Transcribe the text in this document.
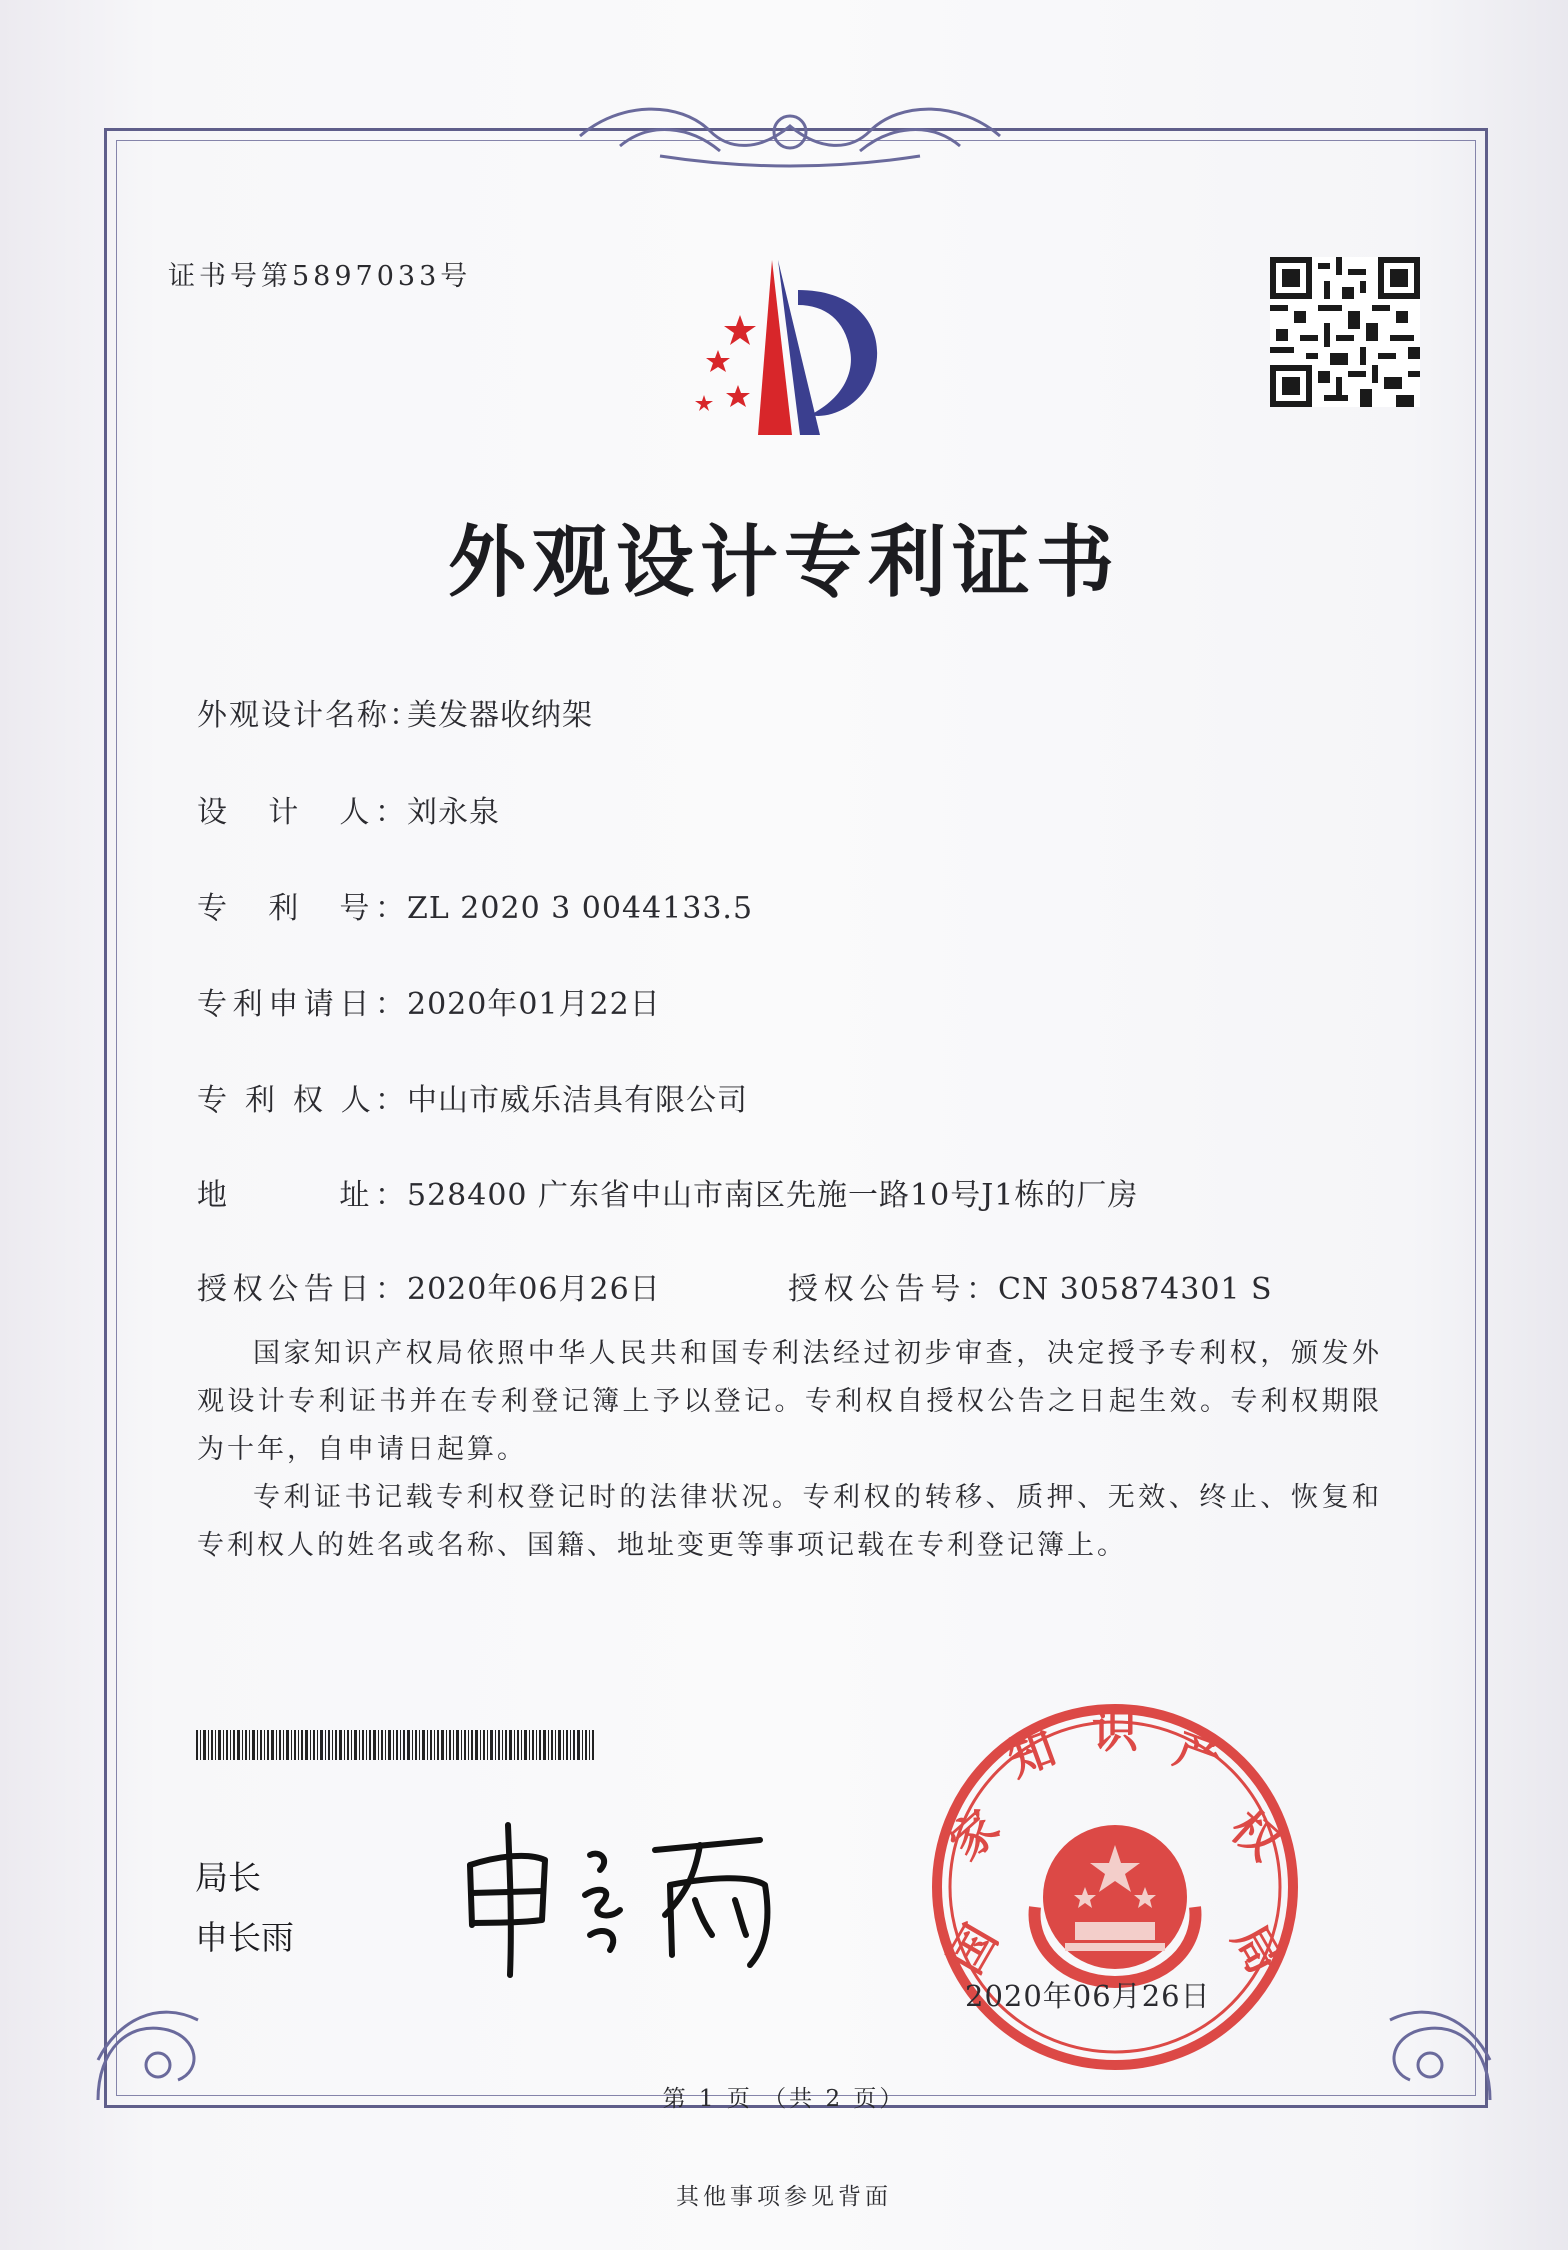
证书号第5897033号
外观设计专利证书
外观设计名称：美发器收纳架
设　计　人：刘永泉
专　利　号：ZL 2020 3 0044133.5
专利申请日：2020年01月22日
专 利 权 人：中山市威乐洁具有限公司
地　　　址：528400 广东省中山市南区先施一路10号J1栋的厂房
授权公告日：2020年06月26日	授权公告号：CN 305874301 S

国家知识产权局依照中华人民共和国专利法经过初步审查，决定授予专利权，颁发外观设计专利证书并在专利登记簿上予以登记。专利权自授权公告之日起生效。专利权期限为十年，自申请日起算。

专利证书记载专利权登记时的法律状况。专利权的转移、质押、无效、终止、恢复和专利权人的姓名或名称、国籍、地址变更等事项记载在专利登记簿上。

局长
申长雨	国
家
知 识 产
权
局
2020年06月26日
第 1 页 （共 2 页）
其他事项参见背面
